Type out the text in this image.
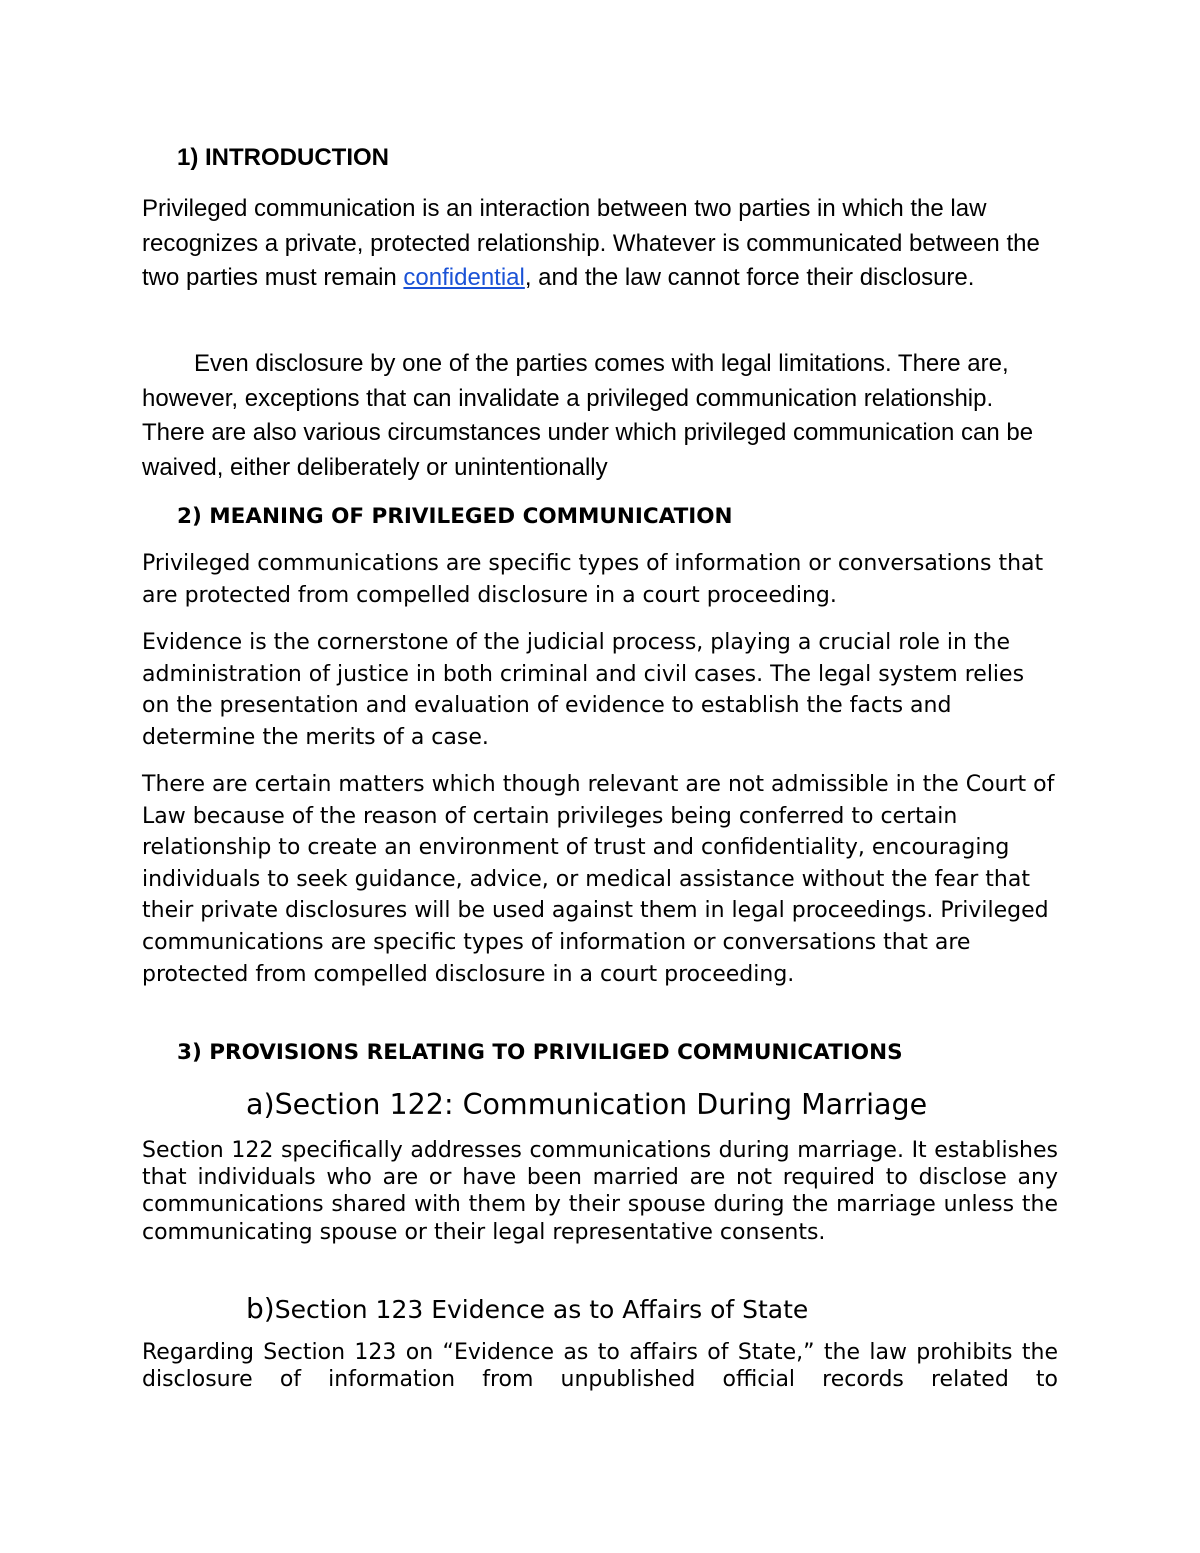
1) INTRODUCTION
Privileged communication is an interaction between two parties in which the law recognizes a private, protected relationship. Whatever is communicated between the two parties must remain confidential, and the law cannot force their disclosure.
Even disclosure by one of the parties comes with legal limitations. There are, however, exceptions that can invalidate a privileged communication relationship. There are also various circumstances under which privileged communication can be waived, either deliberately or unintentionally
2) MEANING OF PRIVILEGED COMMUNICATION
Privileged communications are specific types of information or conversations that are protected from compelled disclosure in a court proceeding.
Evidence is the cornerstone of the judicial process, playing a crucial role in the administration of justice in both criminal and civil cases. The legal system relies on the presentation and evaluation of evidence to establish the facts and determine the merits of a case.
There are certain matters which though relevant are not admissible in the Court of Law because of the reason of certain privileges being conferred to certain relationship to create an environment of trust and confidentiality, encouraging individuals to seek guidance, advice, or medical assistance without the fear that their private disclosures will be used against them in legal proceedings. Privileged communications are specific types of information or conversations that are protected from compelled disclosure in a court proceeding.
3) PROVISIONS RELATING TO PRIVILIGED COMMUNICATIONS
a)Section 122: Communication During Marriage
Section 122 specifically addresses communications during marriage. It establishes that individuals who are or have been married are not required to disclose any communications shared with them by their spouse during the marriage unless the communicating spouse or their legal representative consents.
b)Section 123 Evidence as to Affairs of State
Regarding Section 123 on “Evidence as to affairs of State,” the law prohibits the disclosure of information from unpublished official records related to
